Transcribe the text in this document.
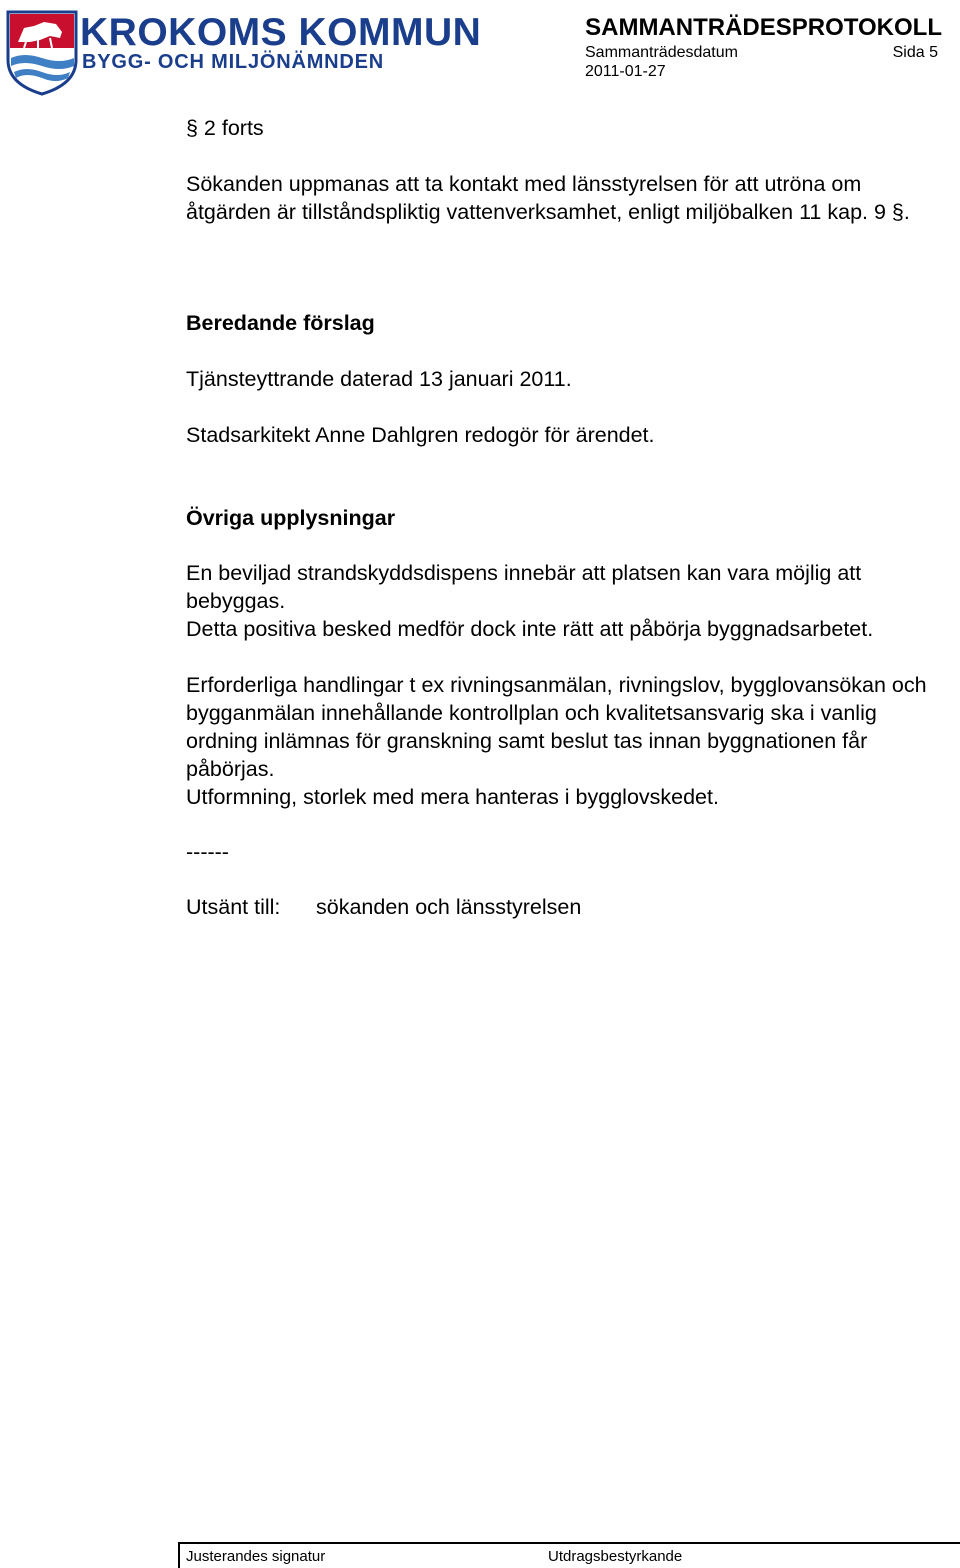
KROKOMS KOMMUN
BYGG- OCH MILJÖNÄMNDEN
SAMMANTRÄDESPROTOKOLL
Sammanträdesdatum	Sida 5
2011-01-27

§ 2 forts

Sökanden uppmanas att ta kontakt med länsstyrelsen för att utröna om åtgärden är tillståndspliktig vattenverksamhet, enligt miljöbalken 11 kap. 9 §.

Beredande förslag

Tjänsteyttrande daterad 13 januari 2011.

Stadsarkitekt Anne Dahlgren redogör för ärendet.

Övriga upplysningar

En beviljad strandskyddsdispens innebär att platsen kan vara möjlig att bebyggas.

Detta positiva besked medför dock inte rätt att påbörja byggnadsarbetet.

Erforderliga handlingar t ex rivningsanmälan, rivningslov, bygglovansökan och bygganmälan innehållande kontrollplan och kvalitetsansvarig ska i vanlig ordning inlämnas för granskning samt beslut tas innan byggnationen får påbörjas.

Utformning, storlek med mera hanteras i bygglovskedet.

------

Utsänt till: sökanden och länsstyrelsen
Justerandes signatur	Utdragsbestyrkande
